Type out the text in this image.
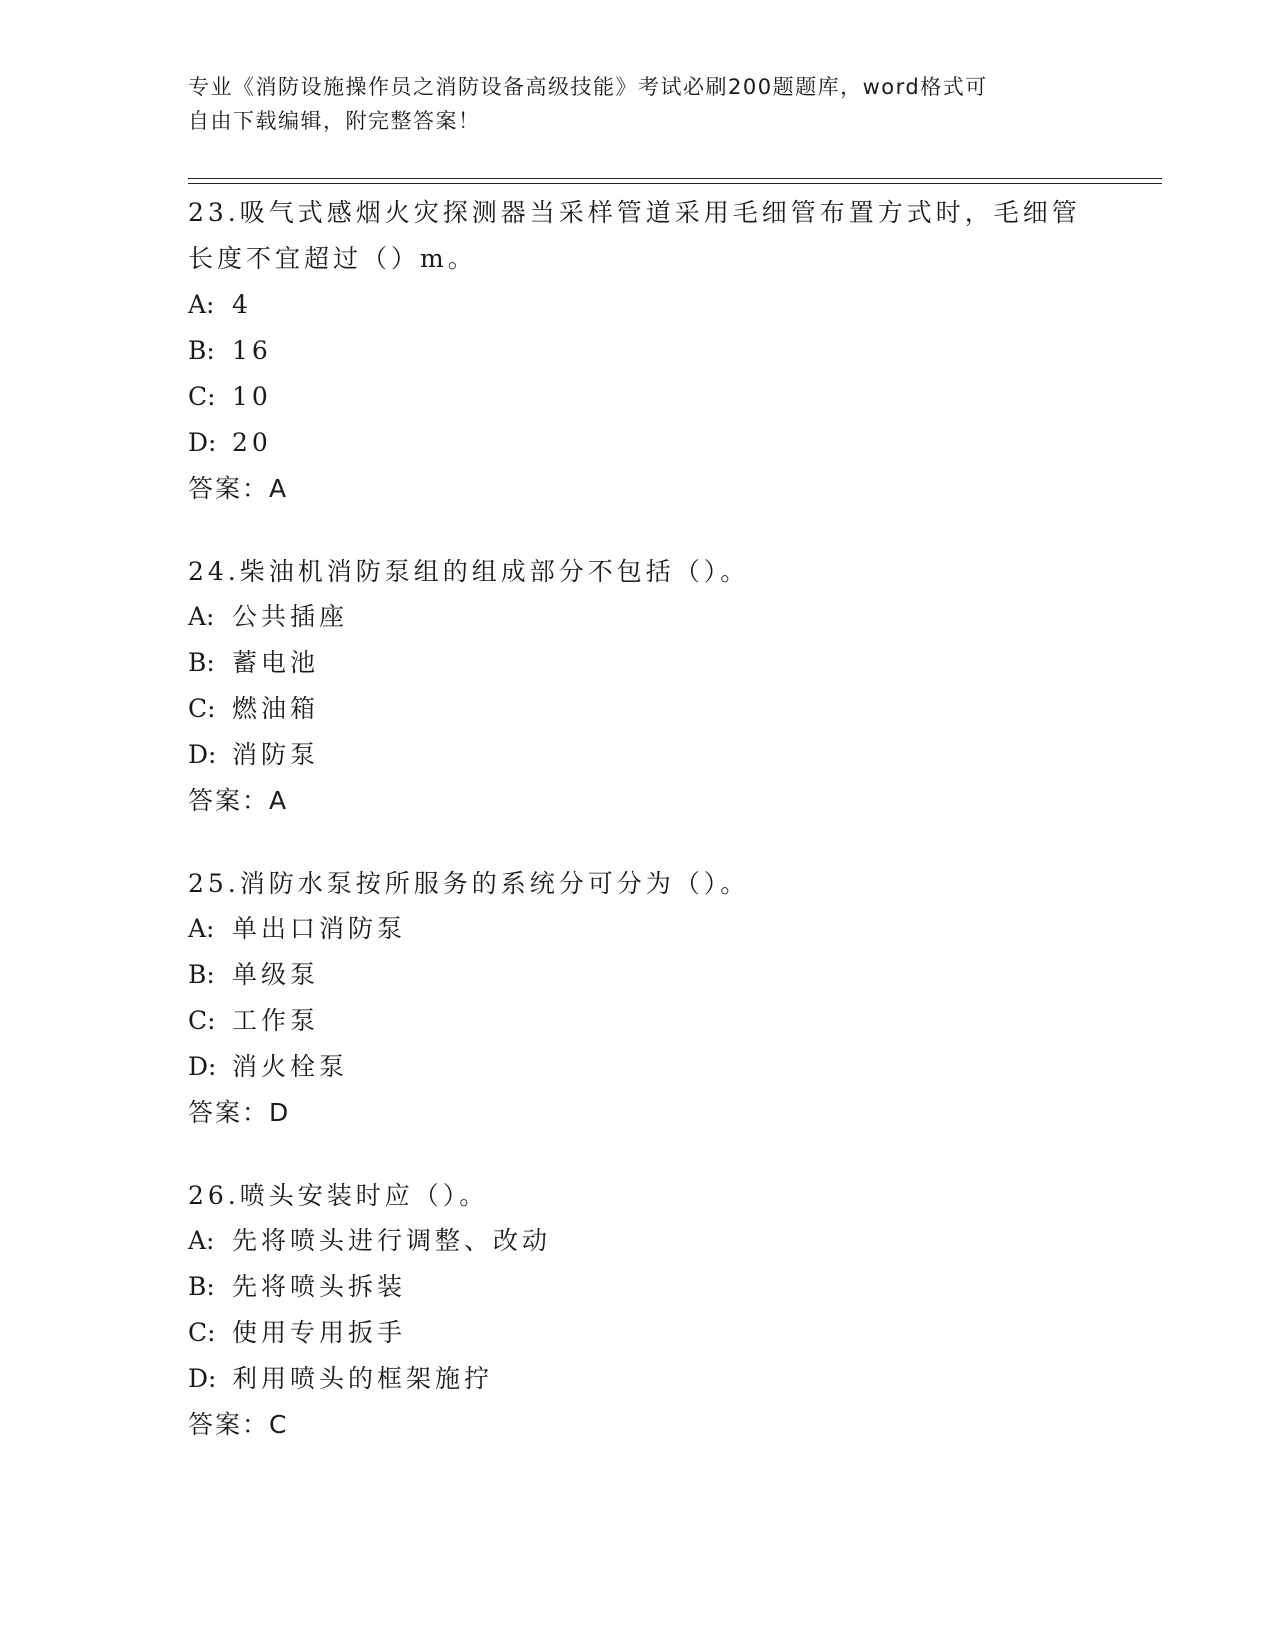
专业《消防设施操作员之消防设备高级技能》考试必刷200题题库，word格式可
自由下载编辑，附完整答案！
23.吸气式感烟火灾探测器当采样管道采用毛细管布置方式时，毛细管
长度不宜超过（）m。
A: 4
B: 16
C: 10
D: 20
答案：A
24.柴油机消防泵组的组成部分不包括（）。
A: 公共插座
B: 蓄电池
C: 燃油箱
D: 消防泵
答案：A
25.消防水泵按所服务的系统分可分为（）。
A: 单出口消防泵
B: 单级泵
C: 工作泵
D: 消火栓泵
答案：D
26.喷头安装时应（）。
A: 先将喷头进行调整、改动
B: 先将喷头拆装
C: 使用专用扳手
D: 利用喷头的框架施拧
答案：C
